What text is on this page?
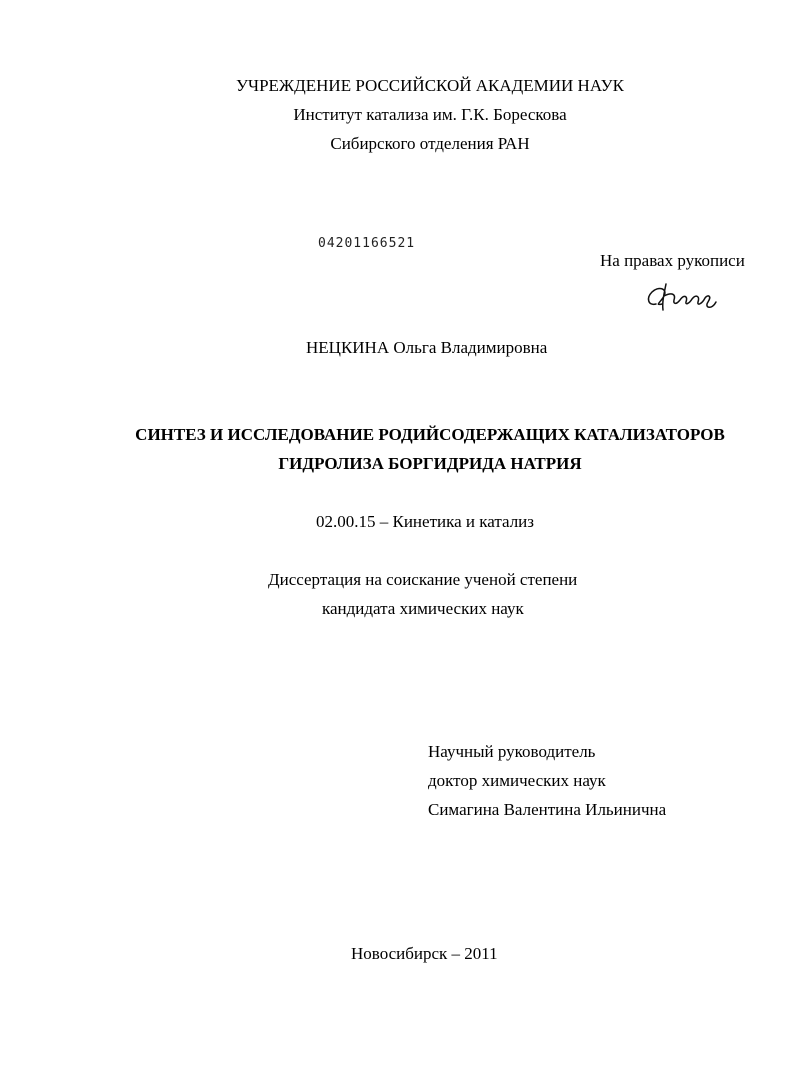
УЧРЕЖДЕНИЕ РОССИЙСКОЙ АКАДЕМИИ НАУК
Институт катализа им. Г.К. Борескова
Сибирского отделения РАН
04201166521
На правах рукописи
НЕЦКИНА Ольга Владимировна
СИНТЕЗ И ИССЛЕДОВАНИЕ РОДИЙСОДЕРЖАЩИХ КАТАЛИЗАТОРОВ
ГИДРОЛИЗА БОРГИДРИДА НАТРИЯ
02.00.15 – Кинетика и катализ
Диссертация на соискание ученой степени
кандидата химических наук
Научный руководитель
доктор химических наук
Симагина Валентина Ильинична
Новосибирск – 2011
